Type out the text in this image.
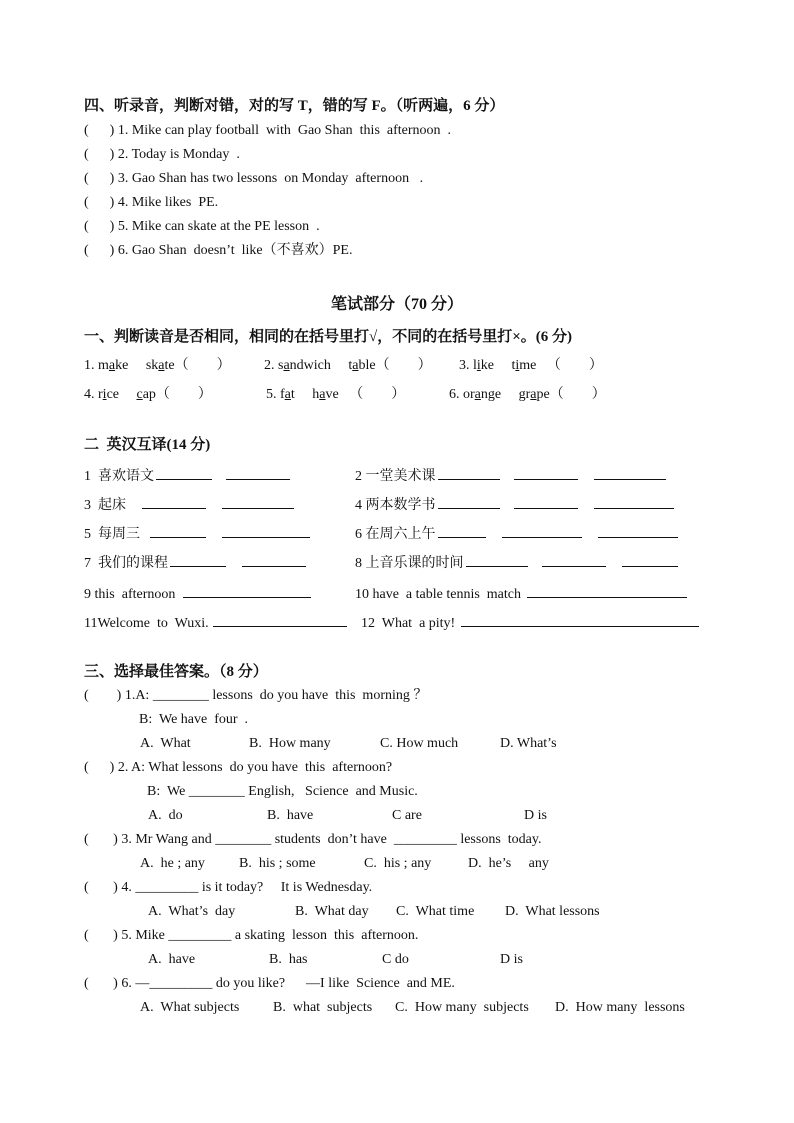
四、听录音，判断对错，对的写 T，错的写 F。（听两遍，6 分）
(      ) 1. Mike can play football  with  Gao Shan  this  afternoon  .
(      ) 2. Today is Monday  .
(      ) 3. Gao Shan has two lessons  on Monday  afternoon   .
(      ) 4. Mike likes  PE.
(      ) 5. Mike can skate at the PE lesson  .
(      ) 6. Gao Shan  doesn’t  like（不喜欢）PE.
笔试部分（70 分）
一、判断读音是否相同，相同的在括号里打√，不同的在括号里打×。(6 分)
1. make     skate（        ） 2. sandwich     table（        ） 3. like     time   （        ）
4. rice     cap（        ）	5. fat     have   （        ）	6. orange     grape（        ）
二  英汉互译(14 分)
1  喜欢语文	2 一堂美术课
3  起床	4 两本数学书
5  每周三	6 在周六上午
7  我们的课程	8 上音乐课的时间
9 this  afternoon	10 have  a table tennis  match
11Welcome  to  Wuxi.	12  What  a pity!
三、选择最佳答案。（8 分）
(        ) 1.A: ________ lessons  do you have  this  morning ？
B:  We have  four  .
A.  What	B.  How many	C. How much	D. What’s
(      ) 2. A: What lessons  do you have  this  afternoon?
B:  We ________ English,   Science  and Music.
A.  do	B.  have	C are	D is
(       ) 3. Mr Wang and ________ students  don’t have  _________ lessons  today.
A.  he ; any B.  his ; some	C.  his ; any	D.  he’s     any
(       ) 4. _________ is it today?     It is Wednesday.
A.  What’s  day	B.  What day C.  What time D.  What lessons
(       ) 5. Mike _________ a skating  lesson  this  afternoon.
A.  have	B.  has	C do	D is
(       ) 6. —_________ do you like?      —I like  Science  and ME.
A.  What subjects B.  what  subjects C.  How many  subjects D.  How many  lessons
